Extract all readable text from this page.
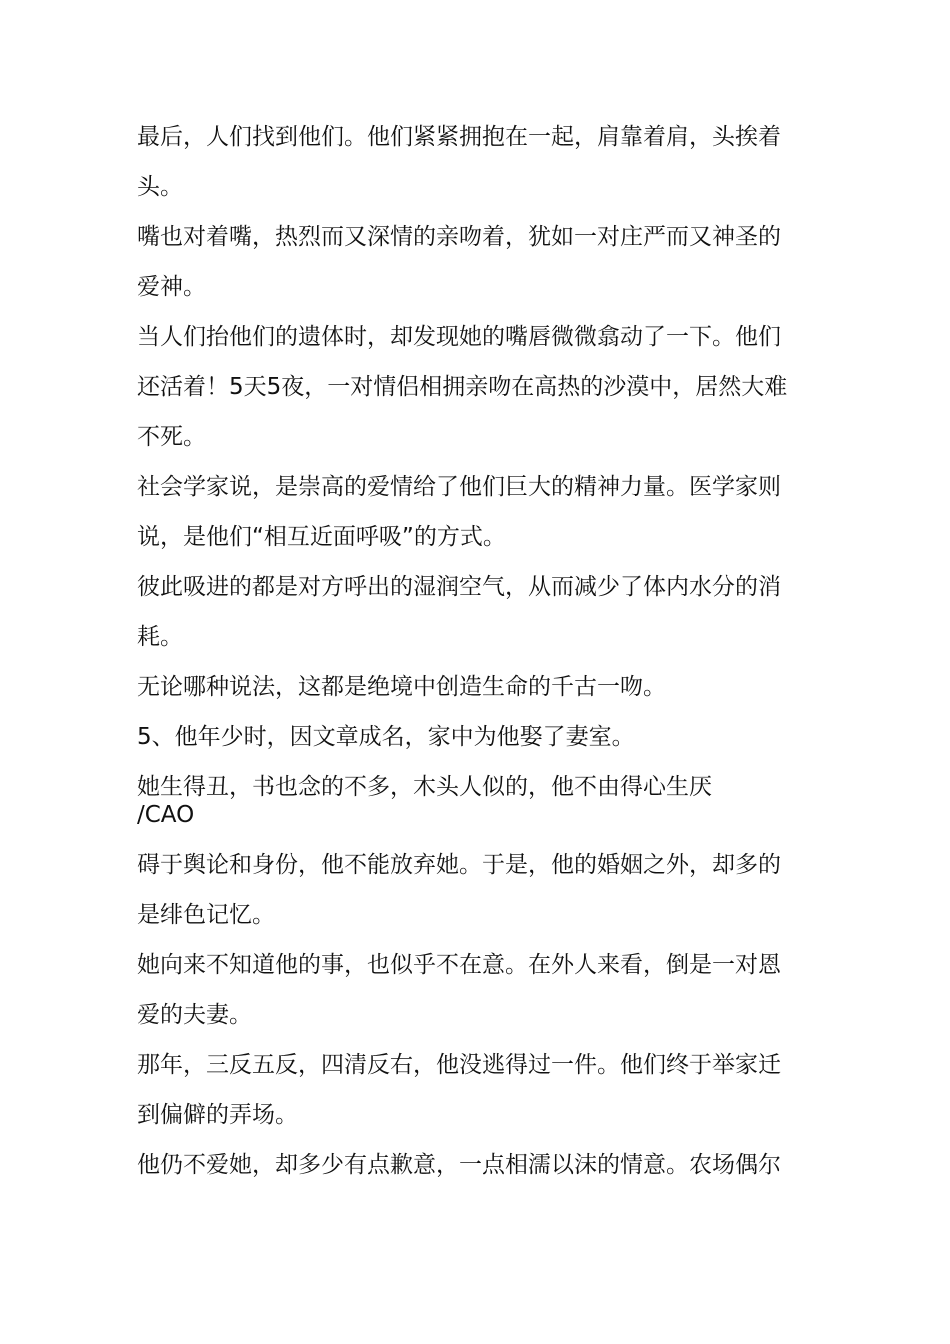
最后，人们找到他们。他们紧紧拥抱在一起，肩靠着肩，头挨着头。

嘴也对着嘴，热烈而又深情的亲吻着，犹如一对庄严而又神圣的爱神。

当人们抬他们的遗体时，却发现她的嘴唇微微翕动了一下。他们还活着！5天5夜，一对情侣相拥亲吻在高热的沙漠中，居然大难不死。

社会学家说，是崇高的爱情给了他们巨大的精神力量。医学家则说，是他们“相互近面呼吸”的方式。

彼此吸进的都是对方呼出的湿润空气，从而减少了体内水分的消耗。

无论哪种说法，这都是绝境中创造生命的千古一吻。

5、他年少时，因文章成名，家中为他娶了妻室。

她生得丑，书也念的不多，木头人似的，他不由得心生厌
/CAO

碍于舆论和身份，他不能放弃她。于是，他的婚姻之外，却多的是绯色记忆。

她向来不知道他的事，也似乎不在意。在外人来看，倒是一对恩爱的夫妻。

那年，三反五反，四清反右，他没逃得过一件。他们终于举家迁到偏僻的弄场。

他仍不爱她，却多少有点歉意，一点相濡以沫的情意。农场偶尔
